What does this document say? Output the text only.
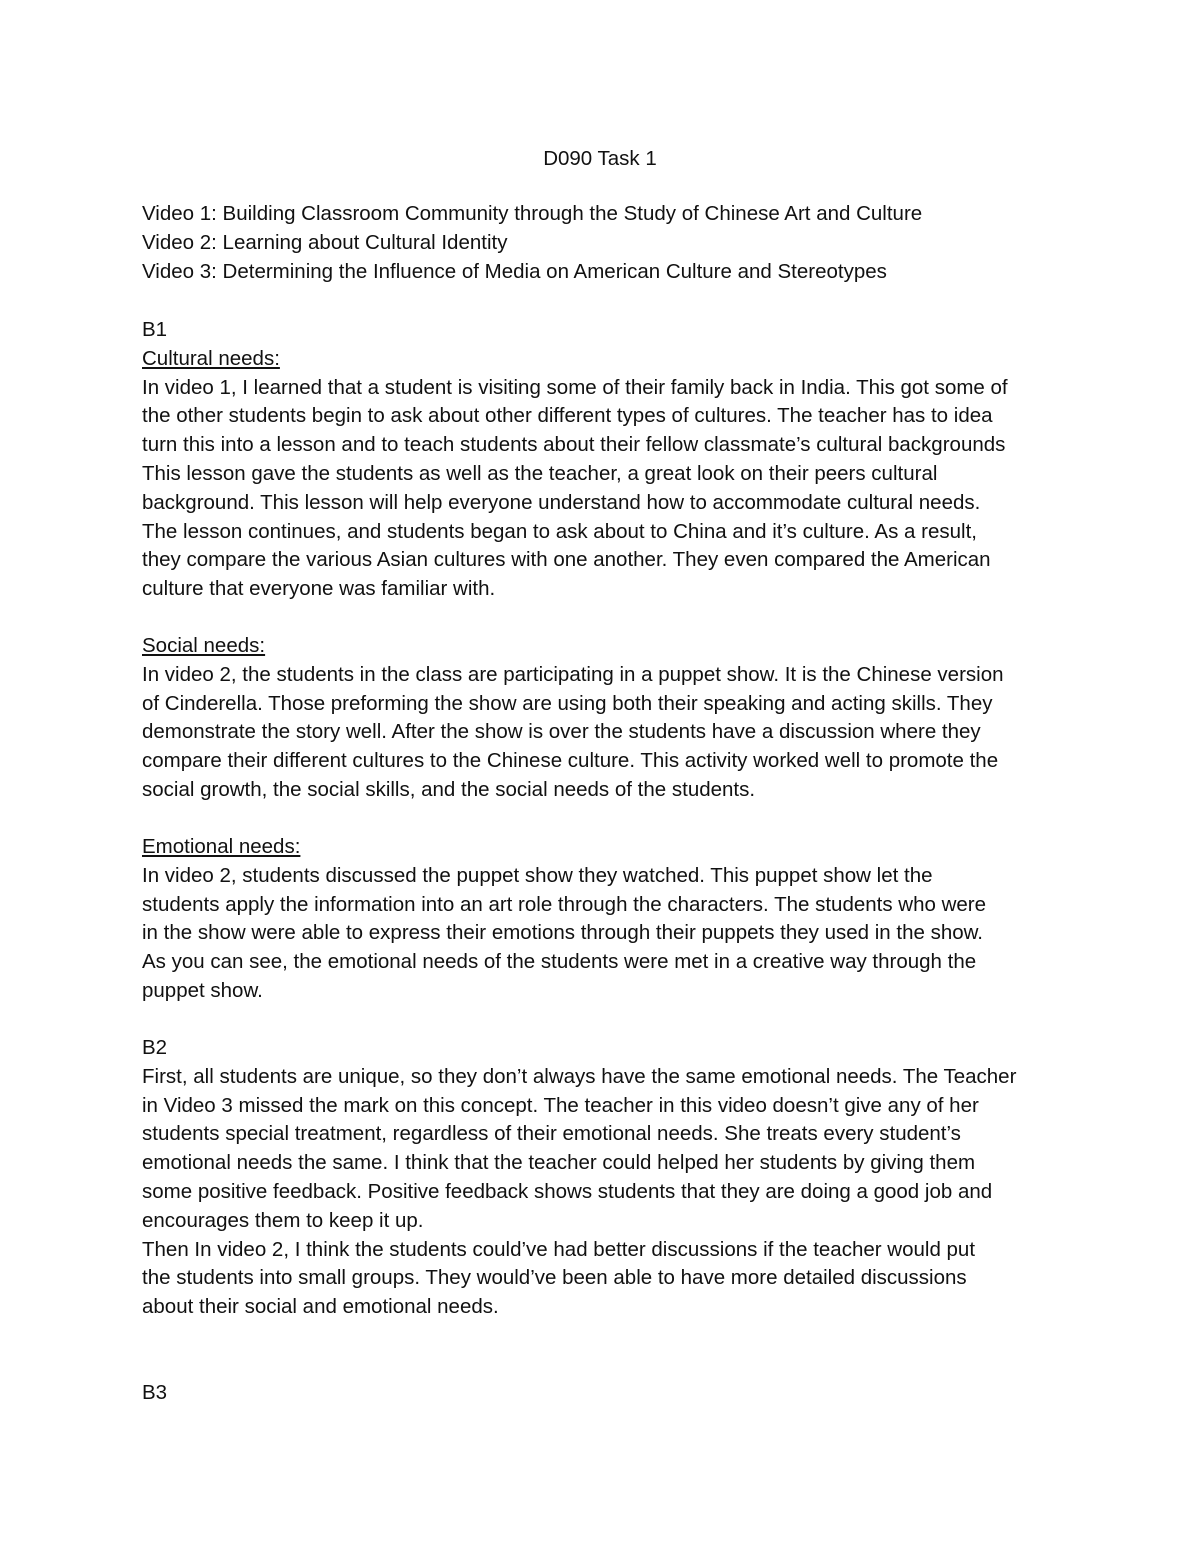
D090 Task 1
Video 1: Building Classroom Community through the Study of Chinese Art and Culture
Video 2: Learning about Cultural Identity
Video 3: Determining the Influence of Media on American Culture and Stereotypes
B1
Cultural needs:
In video 1, I learned that a student is visiting some of their family back in India. This got some of
the other students begin to ask about other different types of cultures. The teacher has to idea
turn this into a lesson and to teach students about their fellow classmate’s cultural backgrounds
This lesson gave the students as well as the teacher, a great look on their peers cultural
background. This lesson will help everyone understand how to accommodate cultural needs.
The lesson continues, and students began to ask about to China and it’s culture. As a result,
they compare the various Asian cultures with one another. They even compared the American
culture that everyone was familiar with.
Social needs:
In video 2, the students in the class are participating in a puppet show. It is the Chinese version
of Cinderella. Those preforming the show are using both their speaking and acting skills. They
demonstrate the story well. After the show is over the students have a discussion where they
compare their different cultures to the Chinese culture. This activity worked well to promote the
social growth, the social skills, and the social needs of the students.
Emotional needs:
In video 2, students discussed the puppet show they watched. This puppet show let the
students apply the information into an art role through the characters. The students who were
in the show were able to express their emotions through their puppets they used in the show.
As you can see, the emotional needs of the students were met in a creative way through the
puppet show.
B2
First, all students are unique, so they don’t always have the same emotional needs. The Teacher
in Video 3 missed the mark on this concept. The teacher in this video doesn’t give any of her
students special treatment, regardless of their emotional needs. She treats every student’s
emotional needs the same. I think that the teacher could helped her students by giving them
some positive feedback. Positive feedback shows students that they are doing a good job and
encourages them to keep it up.
Then In video 2, I think the students could’ve had better discussions if the teacher would put
the students into small groups. They would’ve been able to have more detailed discussions
about their social and emotional needs.
B3
